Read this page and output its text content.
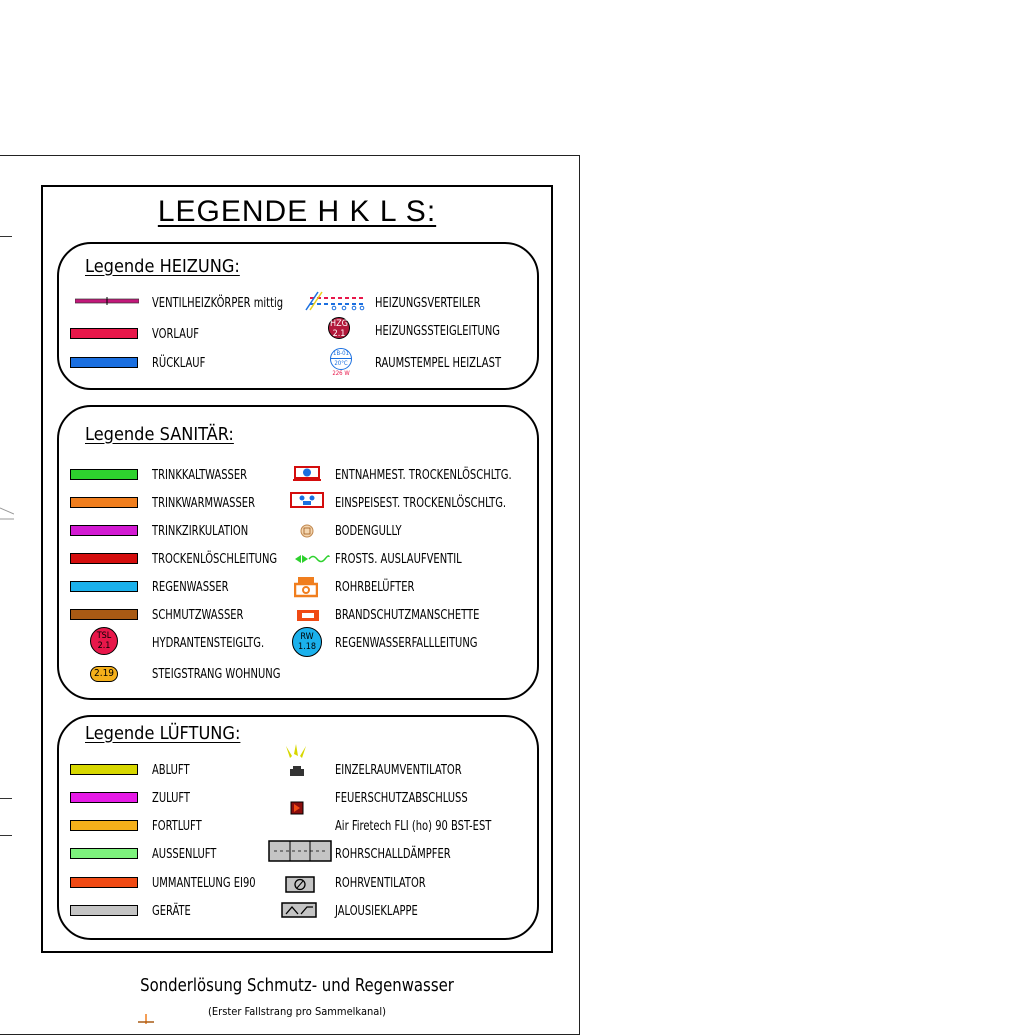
LEGENDE H K L S:
Legende HEIZUNG:
VENTILHEIZKÖRPER mittig
VORLAUF
RÜCKLAUF
HEIZUNGSVERTEILER
HZG
2.1 HEIZUNGSSTEIGLEITUNG
1B-01
20°C
226 W
RAUMSTEMPEL HEIZLAST
Legende SANITÄR:
TRINKKALTWASSER
TRINKWARMWASSER
TRINKZIRKULATION
TROCKENLÖSCHLEITUNG
REGENWASSER
SCHMUTZWASSER
TSL
2.1	HYDRANTENSTEIGLTG.
2.19	STEIGSTRANG WOHNUNG
ENTNAHMEST. TROCKENLÖSCHLTG.
EINSPEISEST. TROCKENLÖSCHLTG.
BODENGULLY
FROSTS. AUSLAUFVENTIL
ROHRBELÜFTER
BRANDSCHUTZMANSCHETTE
RW
1.18	REGENWASSERFALLLEITUNG
Legende LÜFTUNG:
ABLUFT
ZULUFT
FORTLUFT
AUSSENLUFT
UMMANTELUNG EI90
GERÄTE
EINZELRAUMVENTILATOR
FEUERSCHUTZABSCHLUSS
Air Firetech FLI (ho) 90 BST-EST
ROHRSCHALLDÄMPFER
ROHRVENTILATOR
JALOUSIEKLAPPE
Sonderlösung Schmutz- und Regenwasser
(Erster Fallstrang pro Sammelkanal)
